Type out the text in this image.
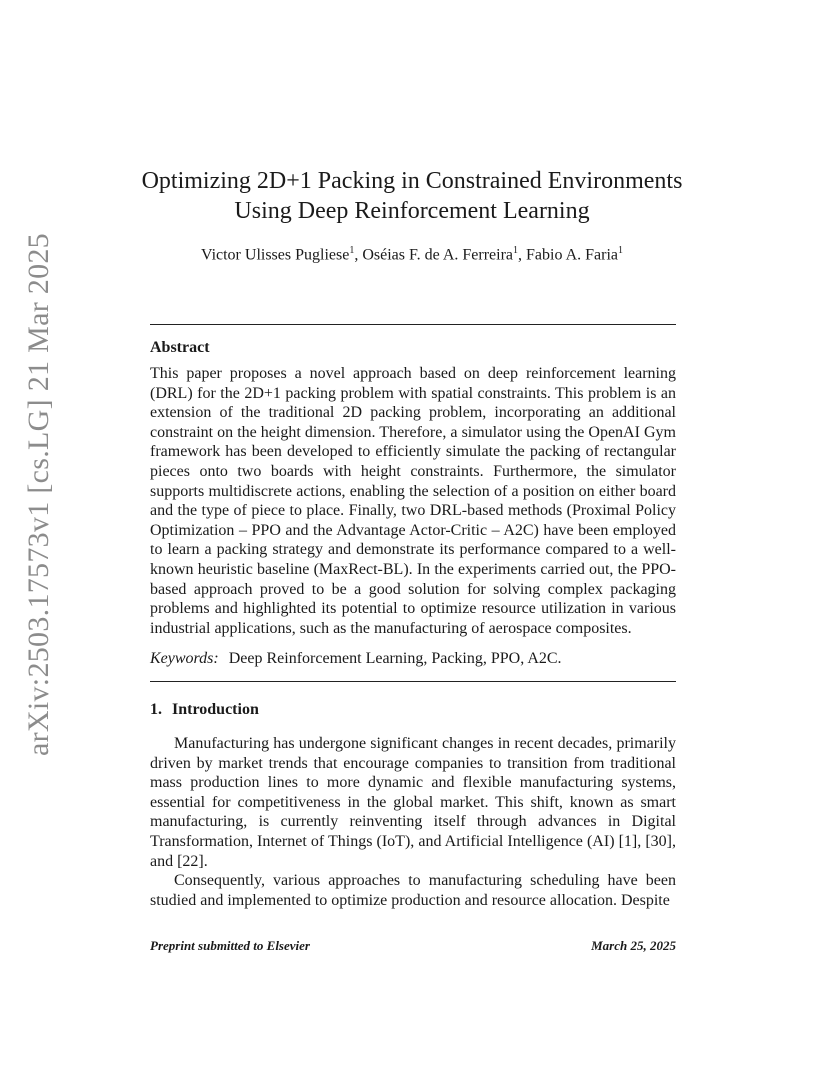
arXiv:2503.17573v1 [cs.LG] 21 Mar 2025
Optimizing 2D+1 Packing in Constrained Environments
Using Deep Reinforcement Learning
Victor Ulisses Pugliese$^1$, Oséias F. de A. Ferreira$^1$, Fabio A. Faria$^1$
Abstract

This paper proposes a novel approach based on deep reinforcement learning (DRL) for the 2D+1 packing problem with spatial constraints. This problem is an extension of the traditional 2D packing problem, incorporating an additional constraint on the height dimension. Therefore, a simulator using the OpenAI Gym framework has been developed to efficiently simulate the packing of rectangular pieces onto two boards with height constraints. Furthermore, the simulator supports multidiscrete actions, enabling the selection of a position on either board and the type of piece to place. Finally, two DRL-based methods (Proximal Policy Optimization – PPO and the Advantage Actor-Critic – A2C) have been employed to learn a packing strategy and demonstrate its performance compared to a well-known heuristic baseline (MaxRect-BL). In the experiments carried out, the PPO-based approach proved to be a good solution for solving complex packaging problems and highlighted its potential to optimize resource utilization in various industrial applications, such as the manufacturing of aerospace composites.

Keywords: Deep Reinforcement Learning, Packing, PPO, A2C.
1. Introduction

Manufacturing has undergone significant changes in recent decades, primarily driven by market trends that encourage companies to transition from traditional mass production lines to more dynamic and flexible manufacturing systems, essential for competitiveness in the global market. This shift, known as smart manufacturing, is currently reinventing itself through advances in Digital Transformation, Internet of Things (IoT), and Artificial Intelligence (AI) [1], [30], and [22].

Consequently, various approaches to manufacturing scheduling have been studied and implemented to optimize production and resource allocation. Despite

Preprint submitted to Elsevier	March 25, 2025
